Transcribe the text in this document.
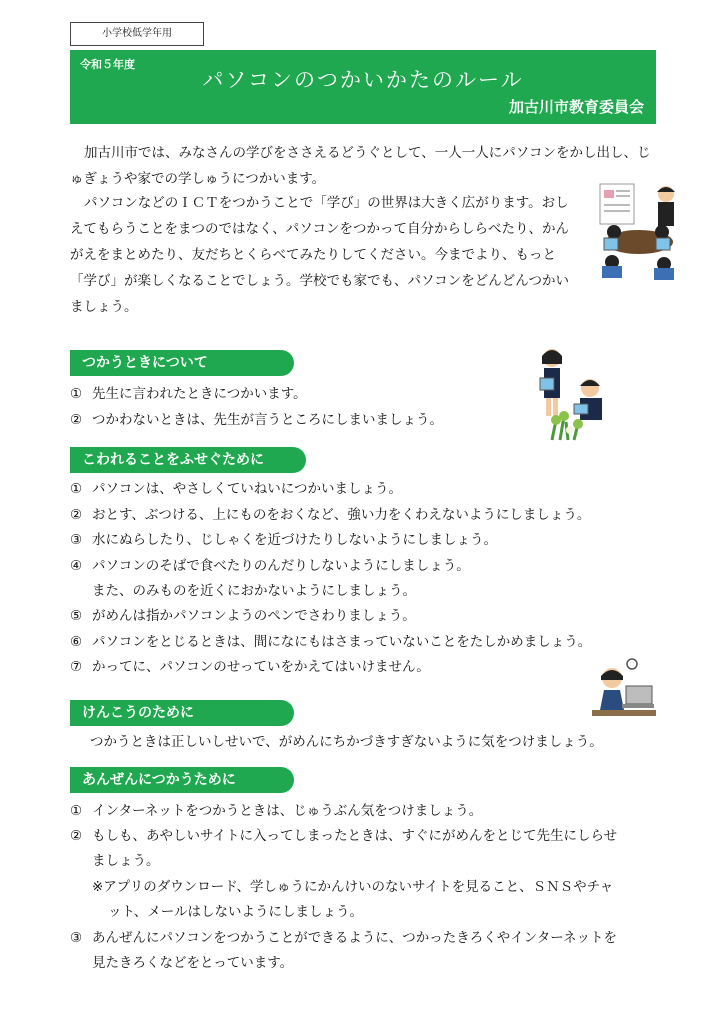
小学校低学年用
令和５年度
パソコンのつかいかたのルール
加古川市教育委員会

加古川市では、みなさんの学びをささえるどうぐとして、一人一人にパソコンをかし出し、じゅぎょうや家での学しゅうにつかいます。

パソコンなどのＩＣＴをつかうことで「学び」の世界は大きく広がります。おしえてもらうことをまつのではなく、パソコンをつかって自分からしらべたり、かんがえをまとめたり、友だちとくらべてみたりしてください。今までより、もっと「学び」が楽しくなることでしょう。学校でも家でも、パソコンをどんどんつかいましょう。

つかうときについて
① 先生に言われたときにつかいます。
② つかわないときは、先生が言うところにしまいましょう。
こわれることをふせぐために
① パソコンは、やさしくていねいにつかいましょう。
② おとす、ぶつける、上にものをおくなど、強い力をくわえないようにしましょう。
③ 水にぬらしたり、じしゃくを近づけたりしないようにしましょう。
④ パソコンのそばで食べたりのんだりしないようにしましょう。
また、のみものを近くにおかないようにしましょう。
⑤ がめんは指かパソコンようのペンでさわりましょう。
⑥ パソコンをとじるときは、間になにもはさまっていないことをたしかめましょう。
⑦ かってに、パソコンのせっていをかえてはいけません。
けんこうのために
つかうときは正しいしせいで、がめんにちかづきすぎないように気をつけましょう。
あんぜんにつかうために
① インターネットをつかうときは、じゅうぶん気をつけましょう。
② もしも、あやしいサイトに入ってしまったときは、すぐにがめんをとじて先生にしらせ
ましょう。
※アプリのダウンロード、学しゅうにかんけいのないサイトを見ること、ＳＮＳやチャ
ット、メールはしないようにしましょう。
③ あんぜんにパソコンをつかうことができるように、つかったきろくやインターネットを
見たきろくなどをとっています。
